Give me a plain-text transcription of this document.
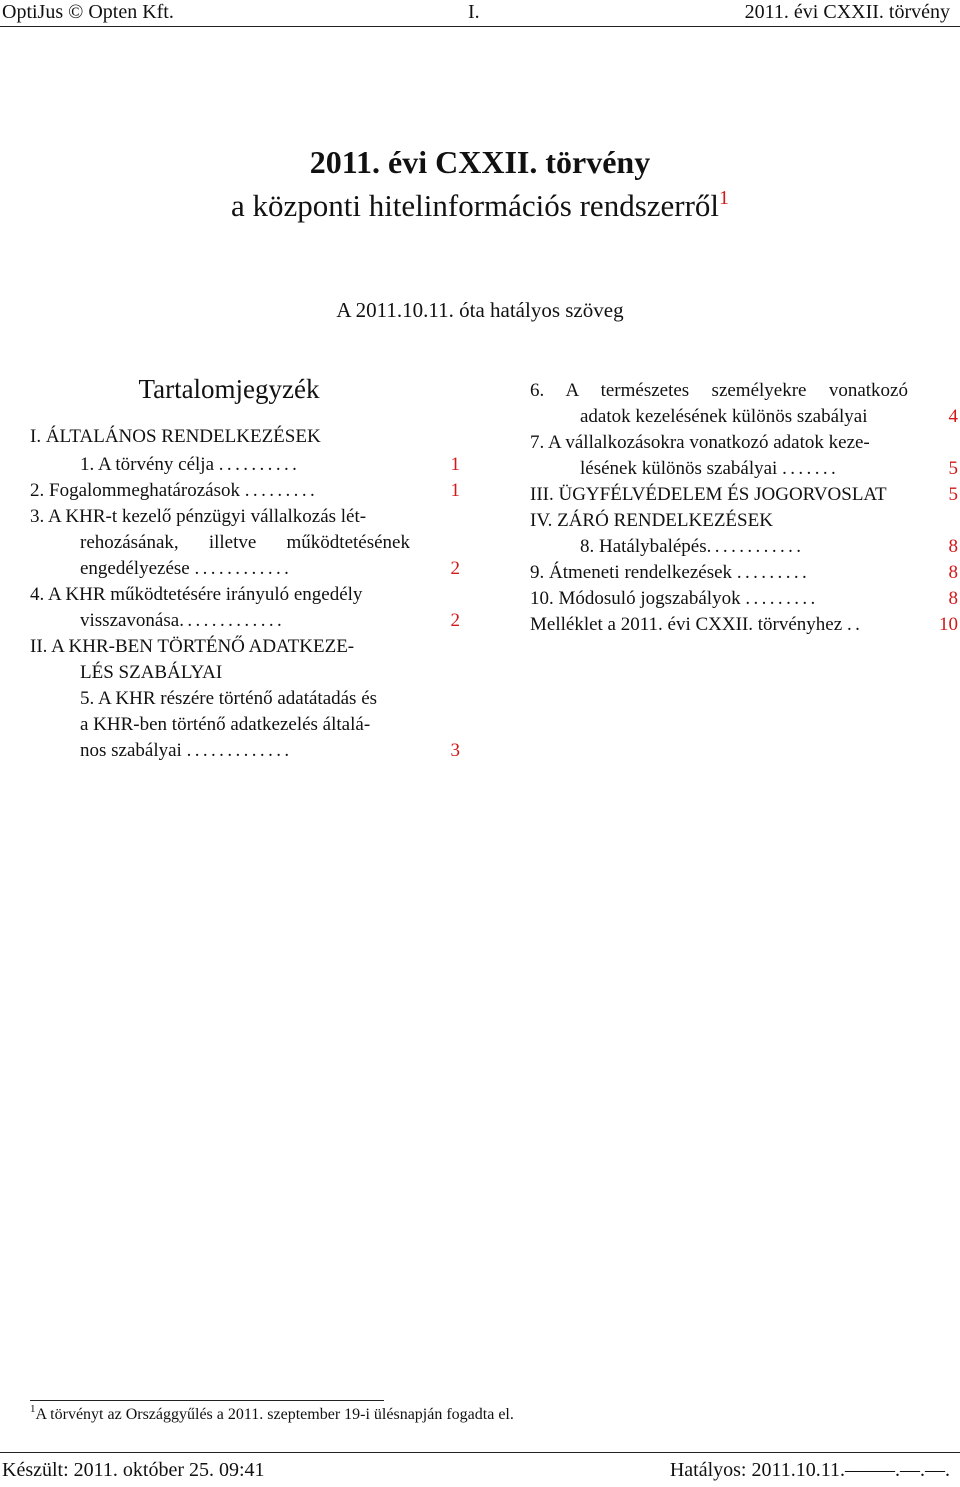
OptiJus © Opten Kft.	I.	2011. évi CXXII. törvény
2011. évi CXXII. törvény
a központi hitelinformációs rendszerről$^1$
A 2011.10.11. óta hatályos szöveg
Tartalomjegyzék
I. ÁLTALÁNOS RENDELKEZÉSEK
1. A törvény célja ..........	1
2. Fogalommeghatározások .........	1
3. A KHR-t kezelő pénzügyi vállalkozás lét-
rehozásának, illetve működtetésének
engedélyezése ............	2
4. A KHR működtetésére irányuló engedély
visszavonása.............	2
II. A KHR-BEN TÖRTÉNŐ ADATKEZE-
LÉS SZABÁLYAI
5. A KHR részére történő adatátadás és
a KHR-ben történő adatkezelés általá-
nos szabályai .............	3
6. A természetes személyekre vonatkozó
adatok kezelésének különös szabályai	4
7. A vállalkozásokra vonatkozó adatok keze-
lésének különös szabályai .......	5
III. ÜGYFÉLVÉDELEM ÉS JOGORVOSLAT	5
IV. ZÁRÓ RENDELKEZÉSEK
8. Hatálybalépés............	8
9. Átmeneti rendelkezések .........	8
10. Módosuló jogszabályok .........	8
Melléklet a 2011. évi CXXII. törvényhez ..	10
$^1$A törvényt az Országgyűlés a 2011. szeptember 19-i ülésnapján fogadta el.
Készült: 2011. október 25. 09:41	Hatályos: 2011.10.11.–––––.––.––.
